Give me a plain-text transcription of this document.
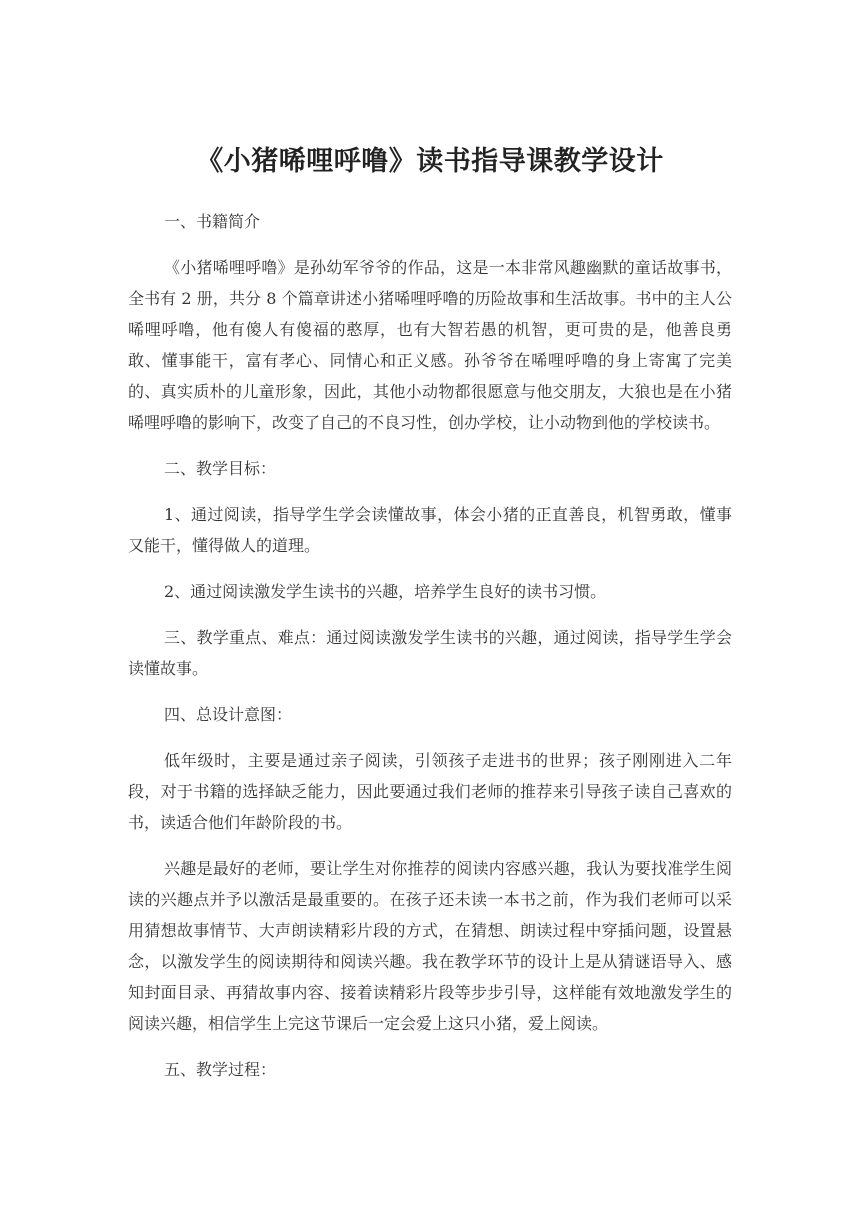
《小猪唏哩呼噜》读书指导课教学设计

一、书籍简介

《小猪唏哩呼噜》是孙幼军爷爷的作品，这是一本非常风趣幽默的童话故事书，全书有 2 册，共分 8 个篇章讲述小猪唏哩呼噜的历险故事和生活故事。书中的主人公唏哩呼噜，他有傻人有傻福的憨厚，也有大智若愚的机智，更可贵的是，他善良勇敢、懂事能干，富有孝心、同情心和正义感。孙爷爷在唏哩呼噜的身上寄寓了完美的、真实质朴的儿童形象，因此，其他小动物都很愿意与他交朋友，大狼也是在小猪唏哩呼噜的影响下，改变了自己的不良习性，创办学校，让小动物到他的学校读书。

二、教学目标：

1、通过阅读，指导学生学会读懂故事，体会小猪的正直善良，机智勇敢，懂事又能干，懂得做人的道理。

2、通过阅读激发学生读书的兴趣，培养学生良好的读书习惯。

三、教学重点、难点：通过阅读激发学生读书的兴趣，通过阅读，指导学生学会读懂故事。

四、总设计意图：

低年级时，主要是通过亲子阅读，引领孩子走进书的世界；孩子刚刚进入二年段，对于书籍的选择缺乏能力，因此要通过我们老师的推荐来引导孩子读自己喜欢的书，读适合他们年龄阶段的书。

兴趣是最好的老师，要让学生对你推荐的阅读内容感兴趣，我认为要找准学生阅读的兴趣点并予以激活是最重要的。在孩子还未读一本书之前，作为我们老师可以采用猜想故事情节、大声朗读精彩片段的方式，在猜想、朗读过程中穿插问题，设置悬念，以激发学生的阅读期待和阅读兴趣。我在教学环节的设计上是从猜谜语导入、感知封面目录、再猜故事内容、接着读精彩片段等步步引导，这样能有效地激发学生的阅读兴趣，相信学生上完这节课后一定会爱上这只小猪，爱上阅读。

五、教学过程：
